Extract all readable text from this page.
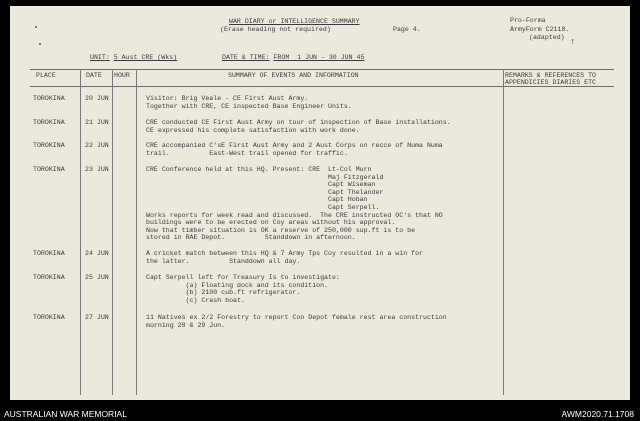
WAR DIARY or INTELLIGENCE SUMMARY
(Erase heading not required)	Page 4.
Pro-Forma
ArmyForm C2118.
(adapted) ↑
UNIT: 5 Aust CRE (Wks)	DATE & TIME: FROM  1 JUN - 30 JUN 45
PLACE	DATE HOUR	SUMMARY OF EVENTS AND INFORMATION	REMARKS & REFERENCES TO
APPENDICIES DIARIES ETC
TOROKINA	20 JUN	Visitor: Brig Veale - CE First Aust Army.
Together with CRE, CE inspected Base Engineer Units.
TOROKINA	21 JUN	CRE conducted CE First Aust Army on tour of inspection of Base installations.
CE expressed his complete satisfaction with work done.
TOROKINA	22 JUN	CRE accompanied C'sE First Aust Army and 2 Aust Corps on recce of Numa Numa
trail.          East-West trail opened for traffic.
TOROKINA	23 JUN	CRE Conference held at this HQ. Present: CRE  Lt-Col Murn
Maj Fitzgerald
Capt Wiseman
Capt Thelander
Capt Hoban
Capt Serpell.
Works reports for week read and discussed.  The CRE instructed OC's that NO
buildings were to be erected on Coy areas without his approval.
Now that timber situation is OK a reserve of 250,000 sup.ft is to be
stored in RAE Depot.          Standdown in afternoon.
TOROKINA	24 JUN	A cricket match between this HQ & 7 Army Tps Coy resulted in a win for
the latter.          Standdown all day.
TOROKINA	25 JUN	Capt Serpell left for Treasury Is to investigate:
(a) Floating dock and its condition.
(b) 2100 cub.ft refrigerator.
(c) Crash boat.
TOROKINA	27 JUN	11 Natives ex 2/2 Forestry to report Con Depot female rest area construction
morning 28 & 29 Jun.
AUSTRALIAN WAR MEMORIAL	AWM2020.71.1708
